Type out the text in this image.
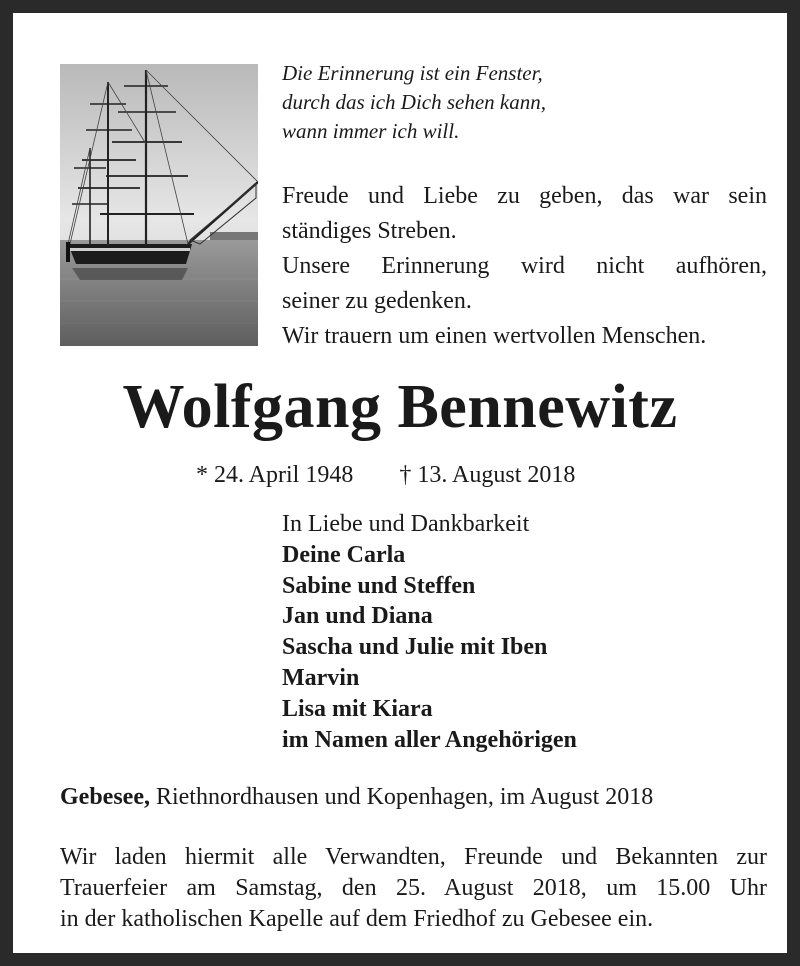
Die Erinnerung ist ein Fenster,
durch das ich Dich sehen kann,
wann immer ich will.

Freude und Liebe zu geben, das war sein

ständiges Streben.

Unsere Erinnerung wird nicht aufhören,

seiner zu gedenken.

Wir trauern um einen wertvollen Menschen.

Wolfgang Bennewitz
* 24. April 1948 † 13. August 2018
In Liebe und Dankbarkeit
Deine Carla
Sabine und Steffen
Jan und Diana
Sascha und Julie mit Iben
Marvin
Lisa mit Kiara
im Namen aller Angehörigen
Gebesee, Riethnordhausen und Kopenhagen, im August 2018
Wir laden hiermit alle Verwandten, Freunde und Bekannten zur
Trauerfeier am Samstag, den 25. August 2018, um 15.00 Uhr
in der katholischen Kapelle auf dem Friedhof zu Gebesee ein.
